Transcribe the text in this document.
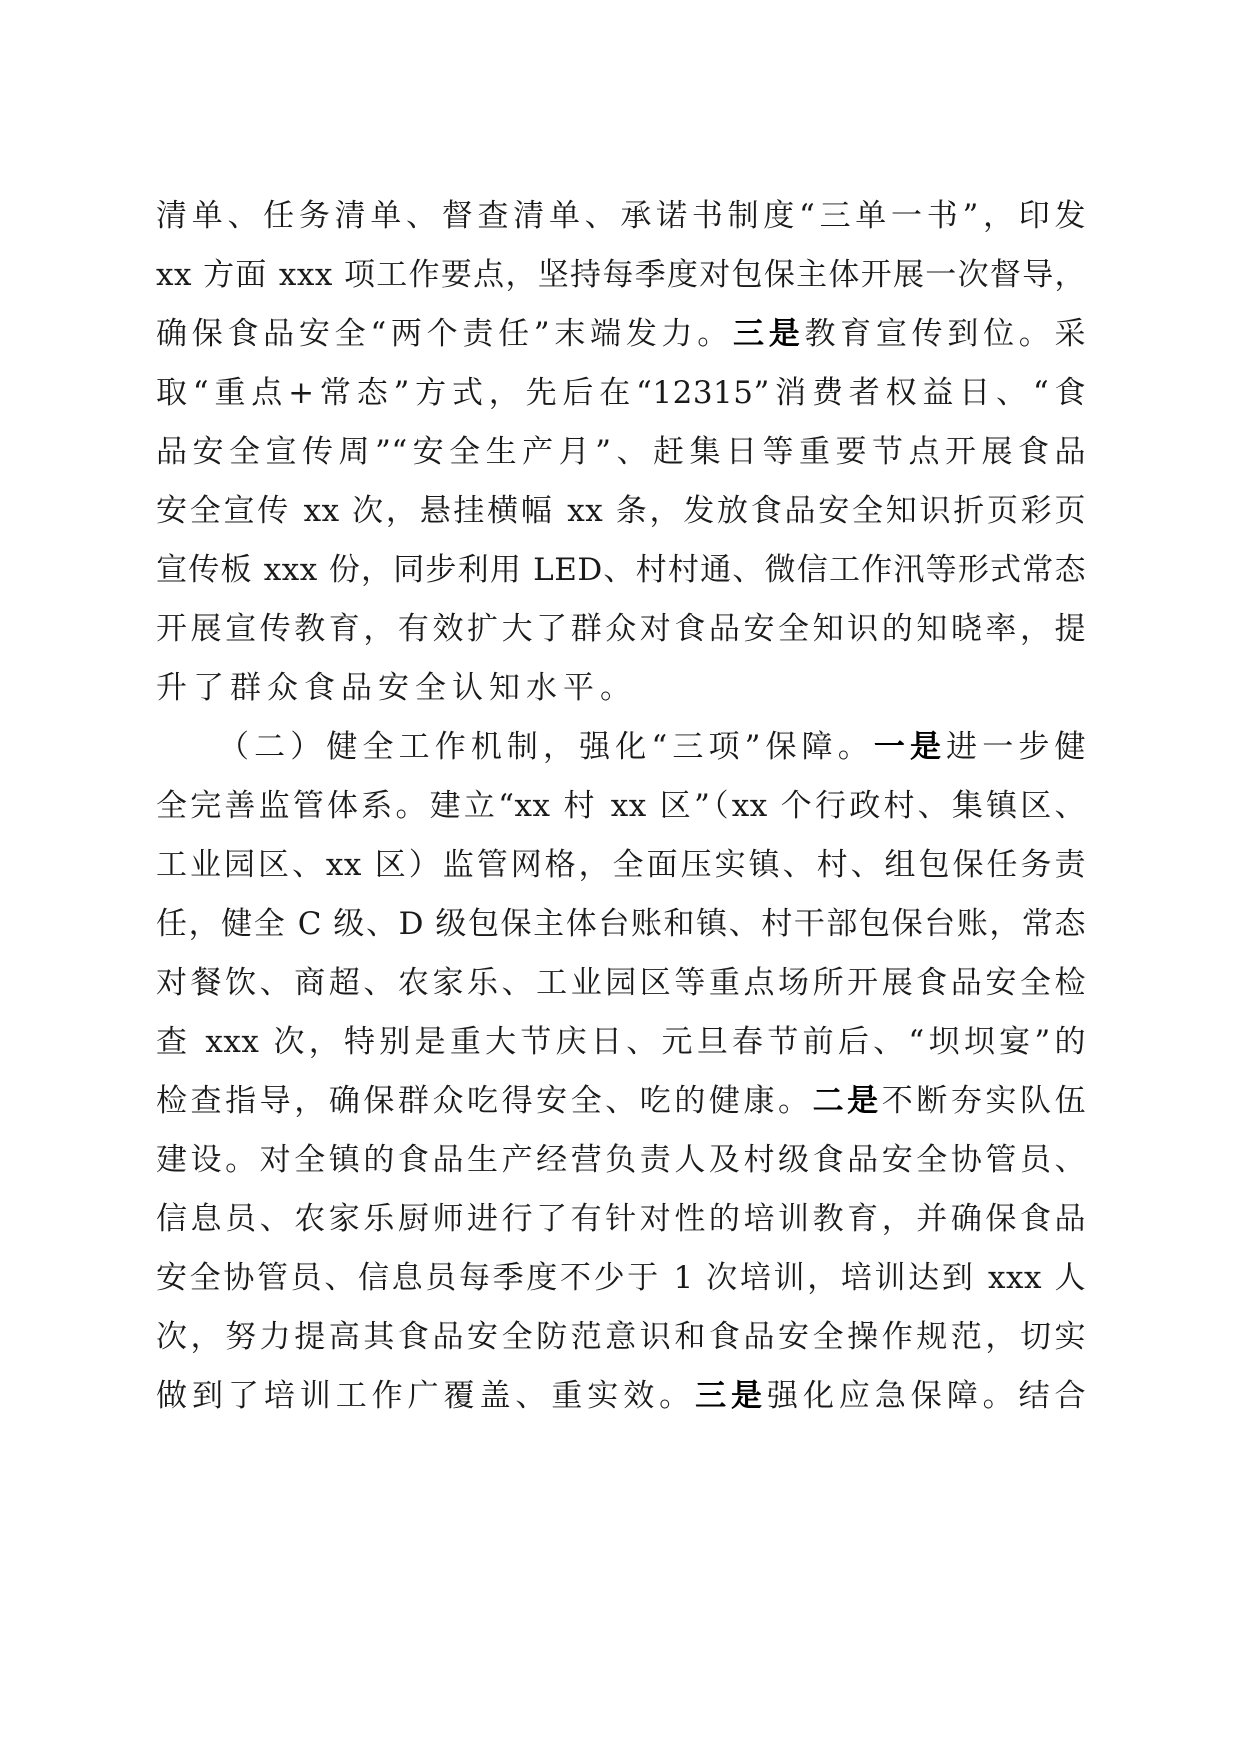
清单、任务清单、督查清单、承诺书制度“三单一书”，印发
xx 方面 xxx 项工作要点，坚持每季度对包保主体开展一次督导，
确保食品安全“两个责任”末端发力。三是教育宣传到位。采
取“重点+常态”方式，先后在“12315”消费者权益日、“食
品安全宣传周”“安全生产月”、赶集日等重要节点开展食品
安全宣传 xx 次，悬挂横幅 xx 条，发放食品安全知识折页彩页
宣传板 xxx 份，同步利用 LED、村村通、微信工作汛等形式常态
开展宣传教育，有效扩大了群众对食品安全知识的知晓率，提
升了群众食品安全认知水平。
（二）健全工作机制，强化“三项”保障。一是进一步健
全完善监管体系。建立“xx 村 xx 区”（xx 个行政村、集镇区、
工业园区、xx 区）监管网格，全面压实镇、村、组包保任务责
任，健全 C 级、D 级包保主体台账和镇、村干部包保台账，常态
对餐饮、商超、农家乐、工业园区等重点场所开展食品安全检
查 xxx 次，特别是重大节庆日、元旦春节前后、“坝坝宴”的
检查指导，确保群众吃得安全、吃的健康。二是不断夯实队伍
建设。对全镇的食品生产经营负责人及村级食品安全协管员、
信息员、农家乐厨师进行了有针对性的培训教育，并确保食品
安全协管员、信息员每季度不少于 1 次培训，培训达到 xxx 人
次，努力提高其食品安全防范意识和食品安全操作规范，切实
做到了培训工作广覆盖、重实效。三是强化应急保障。结合
